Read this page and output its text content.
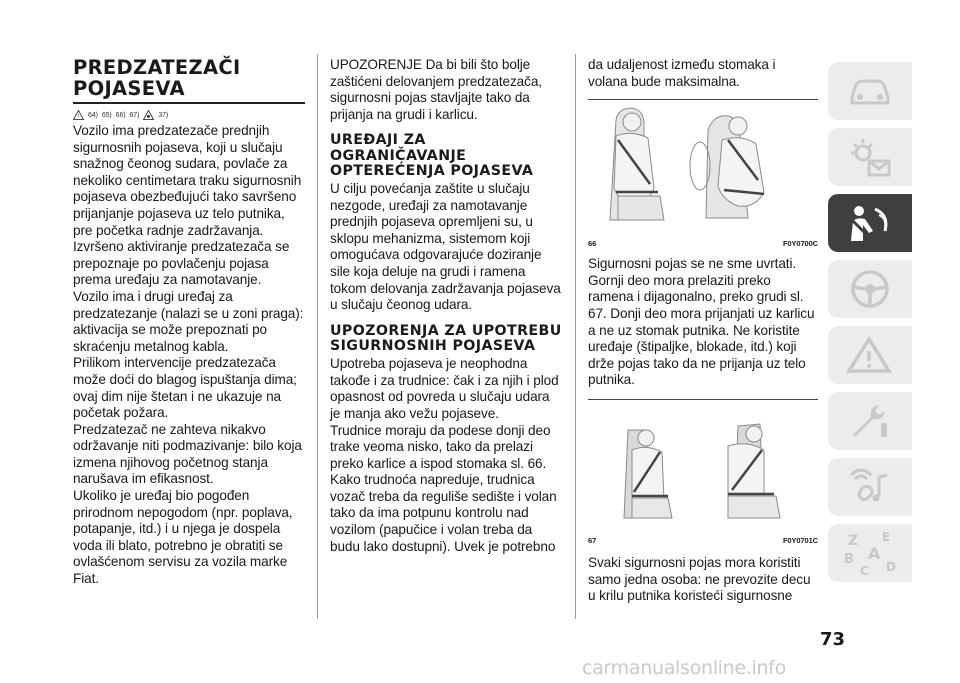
PREDZATEZAČI
POJASEVA
! 64) 65) 66) 67)	37)

Vozilo ima predzatezače prednjih sigurnosnih pojaseva, koji u slučaju snažnog čeonog sudara, povlače za nekoliko centimetara traku sigurnosnih pojaseva obezbeđujući tako savršeno prijanjanje pojaseva uz telo putnika, pre početka radnje zadržavanja.

Izvršeno aktiviranje predzatezača se prepoznaje po povlačenju pojasa prema uređaju za namotavanje.

Vozilo ima i drugi uređaj za predzatezanje (nalazi se u zoni praga): aktivacija se može prepoznati po skraćenju metalnog kabla.

Prilikom intervencije predzatezača može doći do blagog ispuštanja dima; ovaj dim nije štetan i ne ukazuje na početak požara.

Predzatezač ne zahteva nikakvo održavanje niti podmazivanje: bilo koja izmena njihovog početnog stanja narušava im efikasnost.

Ukoliko je uređaj bio pogođen prirodnom nepogodom (npr. poplava, potapanje, itd.) i u njega je dospela voda ili blato, potrebno je obratiti se ovlašćenom servisu za vozila marke Fiat.

UPOZORENJE Da bi bili što bolje zaštićeni delovanjem predzatezača, sigurnosni pojas stavljajte tako da prijanja na grudi i karlicu.

UREĐAJI ZA OGRANIČAVANJE OPTEREĆENJA POJASEVA

U cilju povećanja zaštite u slučaju nezgode, uređaji za namotavanje prednjih pojaseva opremljeni su, u sklopu mehanizma, sistemom koji omogućava odgovarajuće doziranje sile koja deluje na grudi i ramena tokom delovanja zadržavanja pojaseva u slučaju čeonog udara.

UPOZORENJA ZA UPOTREBU SIGURNOSNIH POJASEVA

Upotreba pojaseva je neophodna takođe i za trudnice: čak i za njih i plod opasnost od povreda u slučaju udara je manja ako vežu pojaseve.

Trudnice moraju da podese donji deo trake veoma nisko, tako da prelazi preko karlice a ispod stomaka sl. 66.

Kako trudnoća napreduje, trudnica vozač treba da reguliše sedište i volan tako da ima potpunu kontrolu nad vozilom (papučice i volan treba da budu lako dostupni). Uvek je potrebno

da udaljenost između stomaka i volana bude maksimalna.

66	F0Y0700C

Sigurnosni pojas se ne sme uvrtati. Gornji deo mora prelaziti preko ramena i dijagonalno, preko grudi sl. 67. Donji deo mora prijanjati uz karlicu a ne uz stomak putnika. Ne koristite uređaje (štipaljke, blokade, itd.) koji drže pojas tako da ne prijanja uz telo putnika.

67	F0Y0701C

Svaki sigurnosni pojas mora koristiti samo jedna osoba: ne prevozite decu u krilu putnika koristeći sigurnosne

Z E
B A
C D
73
carmanualsonline.info
